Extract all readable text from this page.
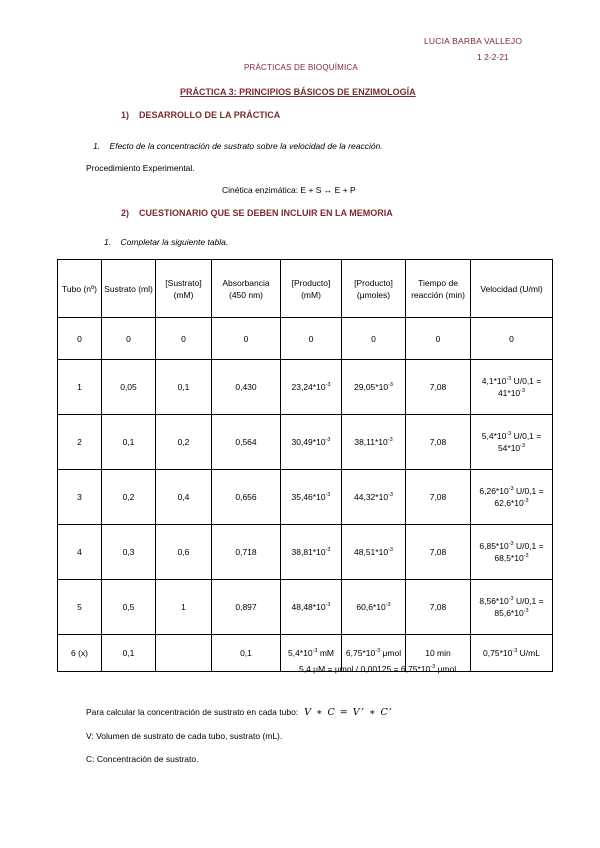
LUCIA BARBA VALLEJO
1 2-2-21
PRÁCTICAS DE BIOQUÍMICA
PRÁCTICA 3: PRINCIPIOS BÁSICOS DE ENZIMOLOGÍA
1) DESARROLLO DE LA PRÁCTICA
1. Efecto de la concentración de sustrato sobre la velocidad de la reacción.
Procedimiento Experimental.
Cinética enzimática: E + S ↔ E + P
2) CUESTIONARIO QUE SE DEBEN INCLUIR EN LA MEMORIA
1. Completar la siguiente tabla.
Tubo (nº)	Sustrato (ml)	[Sustrato] (mM)	Absorbancia (450 nm)	[Producto] (mM)	[Producto] (μmoles)	Tiempo de reacción (min)	Velocidad (U/ml)
0	0	0	0	0	0	0	0
1	0,05	0,1	0,430	$23,24*10^{-3}$	$29,05*10^{-3}$	7,08	$4,1*10^{-3}$ $U/0,1 = 41*10^{-3}$
2	0,1	0,2	0,564	$30,49*10^{-3}$	$38,11*10^{-3}$	7,08	$5,4*10^{-3}$ $U/0,1 = 54*10^{-3}$
3	0,2	0,4	0,656	$35,46*10^{-3}$	$44,32*10^{-3}$	7,08	$6,26*10^{-3}$ $U/0,1 = 62,6*10^{-3}$
4	0,3	0,6	0,718	$38,81*10^{-3}$	$48,51*10^{-3}$	7,08	$6,85*10^{-3}$ $U/0,1 = 68,5*10^{-3}$
5	0,5	1	0,897	$48,48*10^{-3}$	$60,6*10^{-3}$	7,08	$8,56*10^{-3}$ $U/0,1 = 85,6*10^{-3}$
6 (x)	0,1		0,1	$5,4*10^{-3}$ mM	$6,75*10^{-3}$ μmol	10 min	$0,75*10^{-3}$ U/mL
5,4 $\mu M = \mu mol / 0,00125 = 6,75*10^{-3}$ μmol
Para calcular la concentración de sustrato en cada tubo: V ∗ C = V’ ∗ C’
V: Volumen de sustrato de cada tubo, sustrato (mL).
C: Concentración de sustrato.
